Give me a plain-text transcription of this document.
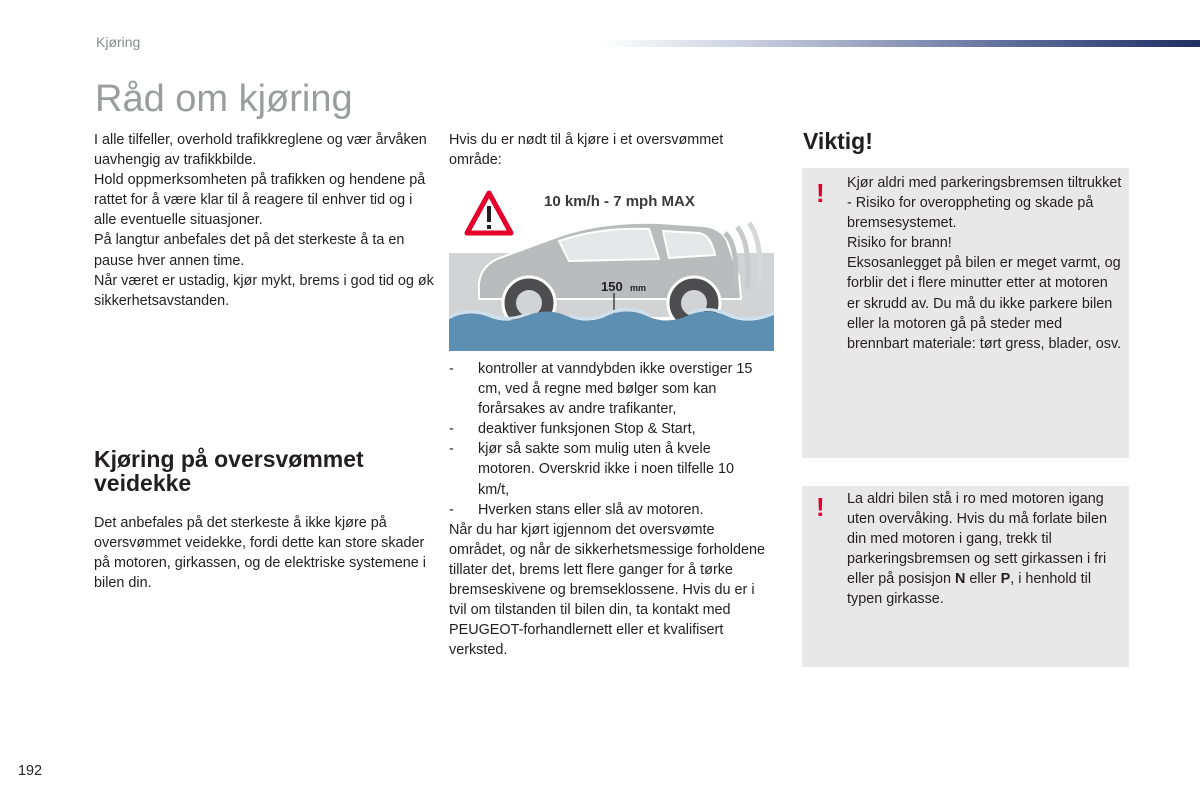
Kjøring
Råd om kjøring

I alle tilfeller, overhold trafikkreglene og vær årvåken uavhengig av trafikkbilde.

Hold oppmerksomheten på trafikken og hendene på rattet for å være klar til å reagere til enhver tid og i alle eventuelle situasjoner.

På langtur anbefales det på det sterkeste å ta en pause hver annen time.

Når været er ustadig, kjør mykt, brems i god tid og øk sikkerhetsavstanden.

Kjøring på oversvømmet veidekke

Det anbefales på det sterkeste å ikke kjøre på oversvømmet veidekke, fordi dette kan store skader på motoren, girkassen, og de elektriske systemene i bilen din.

Hvis du er nødt til å kjøre i et oversvømmet område:

10 km/h - 7 mph MAX
150 mm
-	kontroller at vanndybden ikke overstiger 15 cm, ved å regne med bølger som kan forårsakes av andre trafikanter,
-	deaktiver funksjonen Stop & Start,
-	kjør så sakte som mulig uten å kvele motoren. Overskrid ikke i noen tilfelle 10 km/t,
-	Hverken stans eller slå av motoren.

Når du har kjørt igjennom det oversvømte området, og når de sikkerhetsmessige forholdene tillater det, brems lett flere ganger for å tørke bremseskivene og bremseklossene. Hvis du er i tvil om tilstanden til bilen din, ta kontakt med PEUGEOT-forhandlernett eller et kvalifisert verksted.

Viktig!
! Kjør aldri med parkeringsbremsen tiltrukket - Risiko for overoppheting og skade på bremsesystemet.

Risiko for brann!

Eksosanlegget på bilen er meget varmt, og forblir det i flere minutter etter at motoren er skrudd av. Du må du ikke parkere bilen eller la motoren gå på steder med brennbart materiale: tørt gress, blader, osv.

! La aldri bilen stå i ro med motoren igang uten overvåking. Hvis du må forlate bilen din med motoren i gang, trekk til parkeringsbremsen og sett girkassen i fri eller på posisjon N eller P, i henhold til typen girkasse.

192
